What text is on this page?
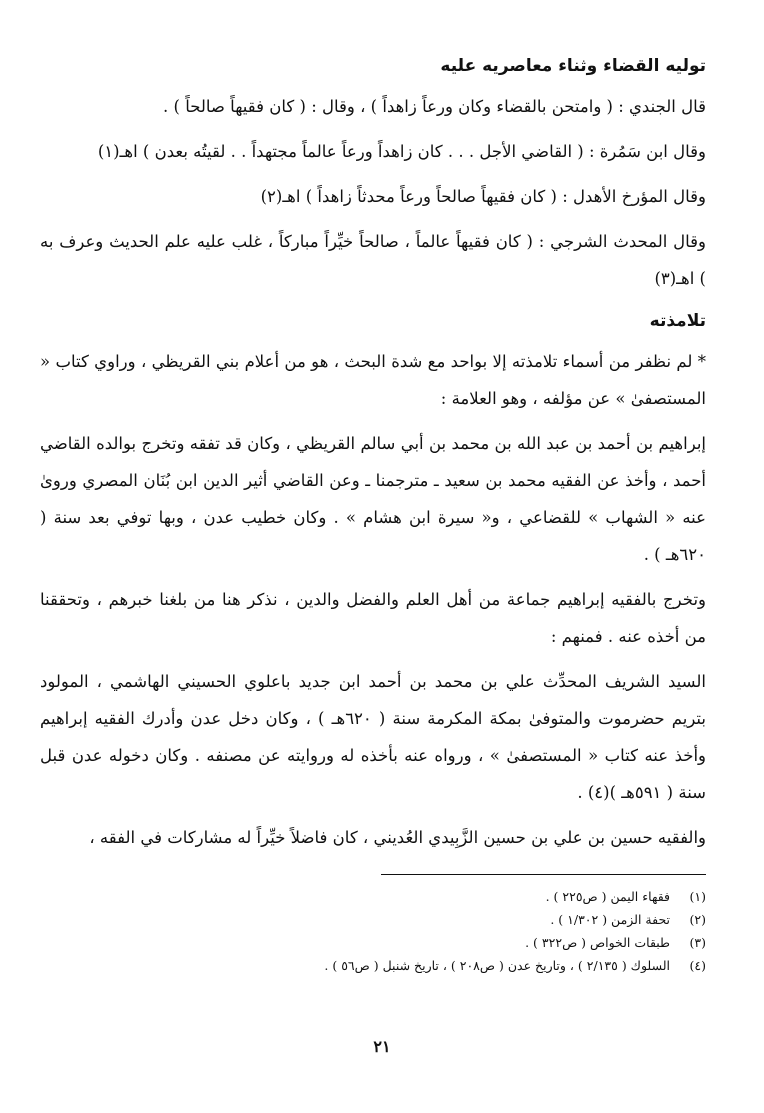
توليه القضاء وثناء معاصريه عليه
قال الجندي : ( وامتحن بالقضاء وكان ورعاً زاهداً ) ، وقال : ( كان فقيهاً صالحاً ) .
وقال ابن سَمُرة : ( القاضي الأجل . . . كان زاهداً ورعاً عالماً مجتهداً . . لقيتُه بعدن ) اهـ(١)
وقال المؤرخ الأهدل : ( كان فقيهاً صالحاً ورعاً محدثاً زاهداً ) اهـ(٢)
وقال المحدث الشرجي : ( كان فقيهاً عالماً ، صالحاً خيِّراً مباركاً ، غلب عليه علم الحديث وعرف به ) اهـ(٣)
تلامذته
* لم نظفر من أسماء تلامذته إلا بواحد مع شدة البحث ، هو من أعلام بني القريظي ، وراوي كتاب « المستصفىٰ » عن مؤلفه ، وهو العلامة :
إبراهيم بن أحمد بن عبد الله بن محمد بن أبي سالم القريظي ، وكان قد تفقه وتخرج بوالده القاضي أحمد ، وأخذ عن الفقيه محمد بن سعيد ـ مترجمنا ـ وعن القاضي أثير الدين ابن بُنَان المصري وروىٰ عنه « الشهاب » للقضاعي ، و« سيرة ابن هشام » . وكان خطيب عدن ، وبها توفي بعد سنة ( ٦٢٠هـ ) .
وتخرج بالفقيه إبراهيم جماعة من أهل العلم والفضل والدين ، نذكر هنا من بلغنا خبرهم ، وتحققنا من أخذه عنه . فمنهم :
السيد الشريف المحدِّث علي بن محمد بن أحمد ابن جديد باعلوي الحسيني الهاشمي ، المولود بتريم حضرموت والمتوفىٰ بمكة المكرمة سنة ( ٦٢٠هـ ) ، وكان دخل عدن وأدرك الفقيه إبراهيم وأخذ عنه كتاب « المستصفىٰ » ، ورواه عنه بأخذه له وروايته عن مصنفه . وكان دخوله عدن قبل سنة ( ٥٩١هـ )(٤) .
والفقيه حسين بن علي بن حسين الزَّبِيدي العُديني ، كان فاضلاً خيِّراً له مشاركات في الفقه ،
(١)
فقهاء اليمن ( ص٢٢٥ ) .
(٢)
تحفة الزمن ( ١/٣٠٢ ) .
(٣)
طبقات الخواص ( ص٣٢٢ ) .
(٤)
السلوك ( ٢/١٣٥ ) ، وتاريخ عدن ( ص٢٠٨ ) ، تاريخ شنبل ( ص٥٦ ) .
٢١
